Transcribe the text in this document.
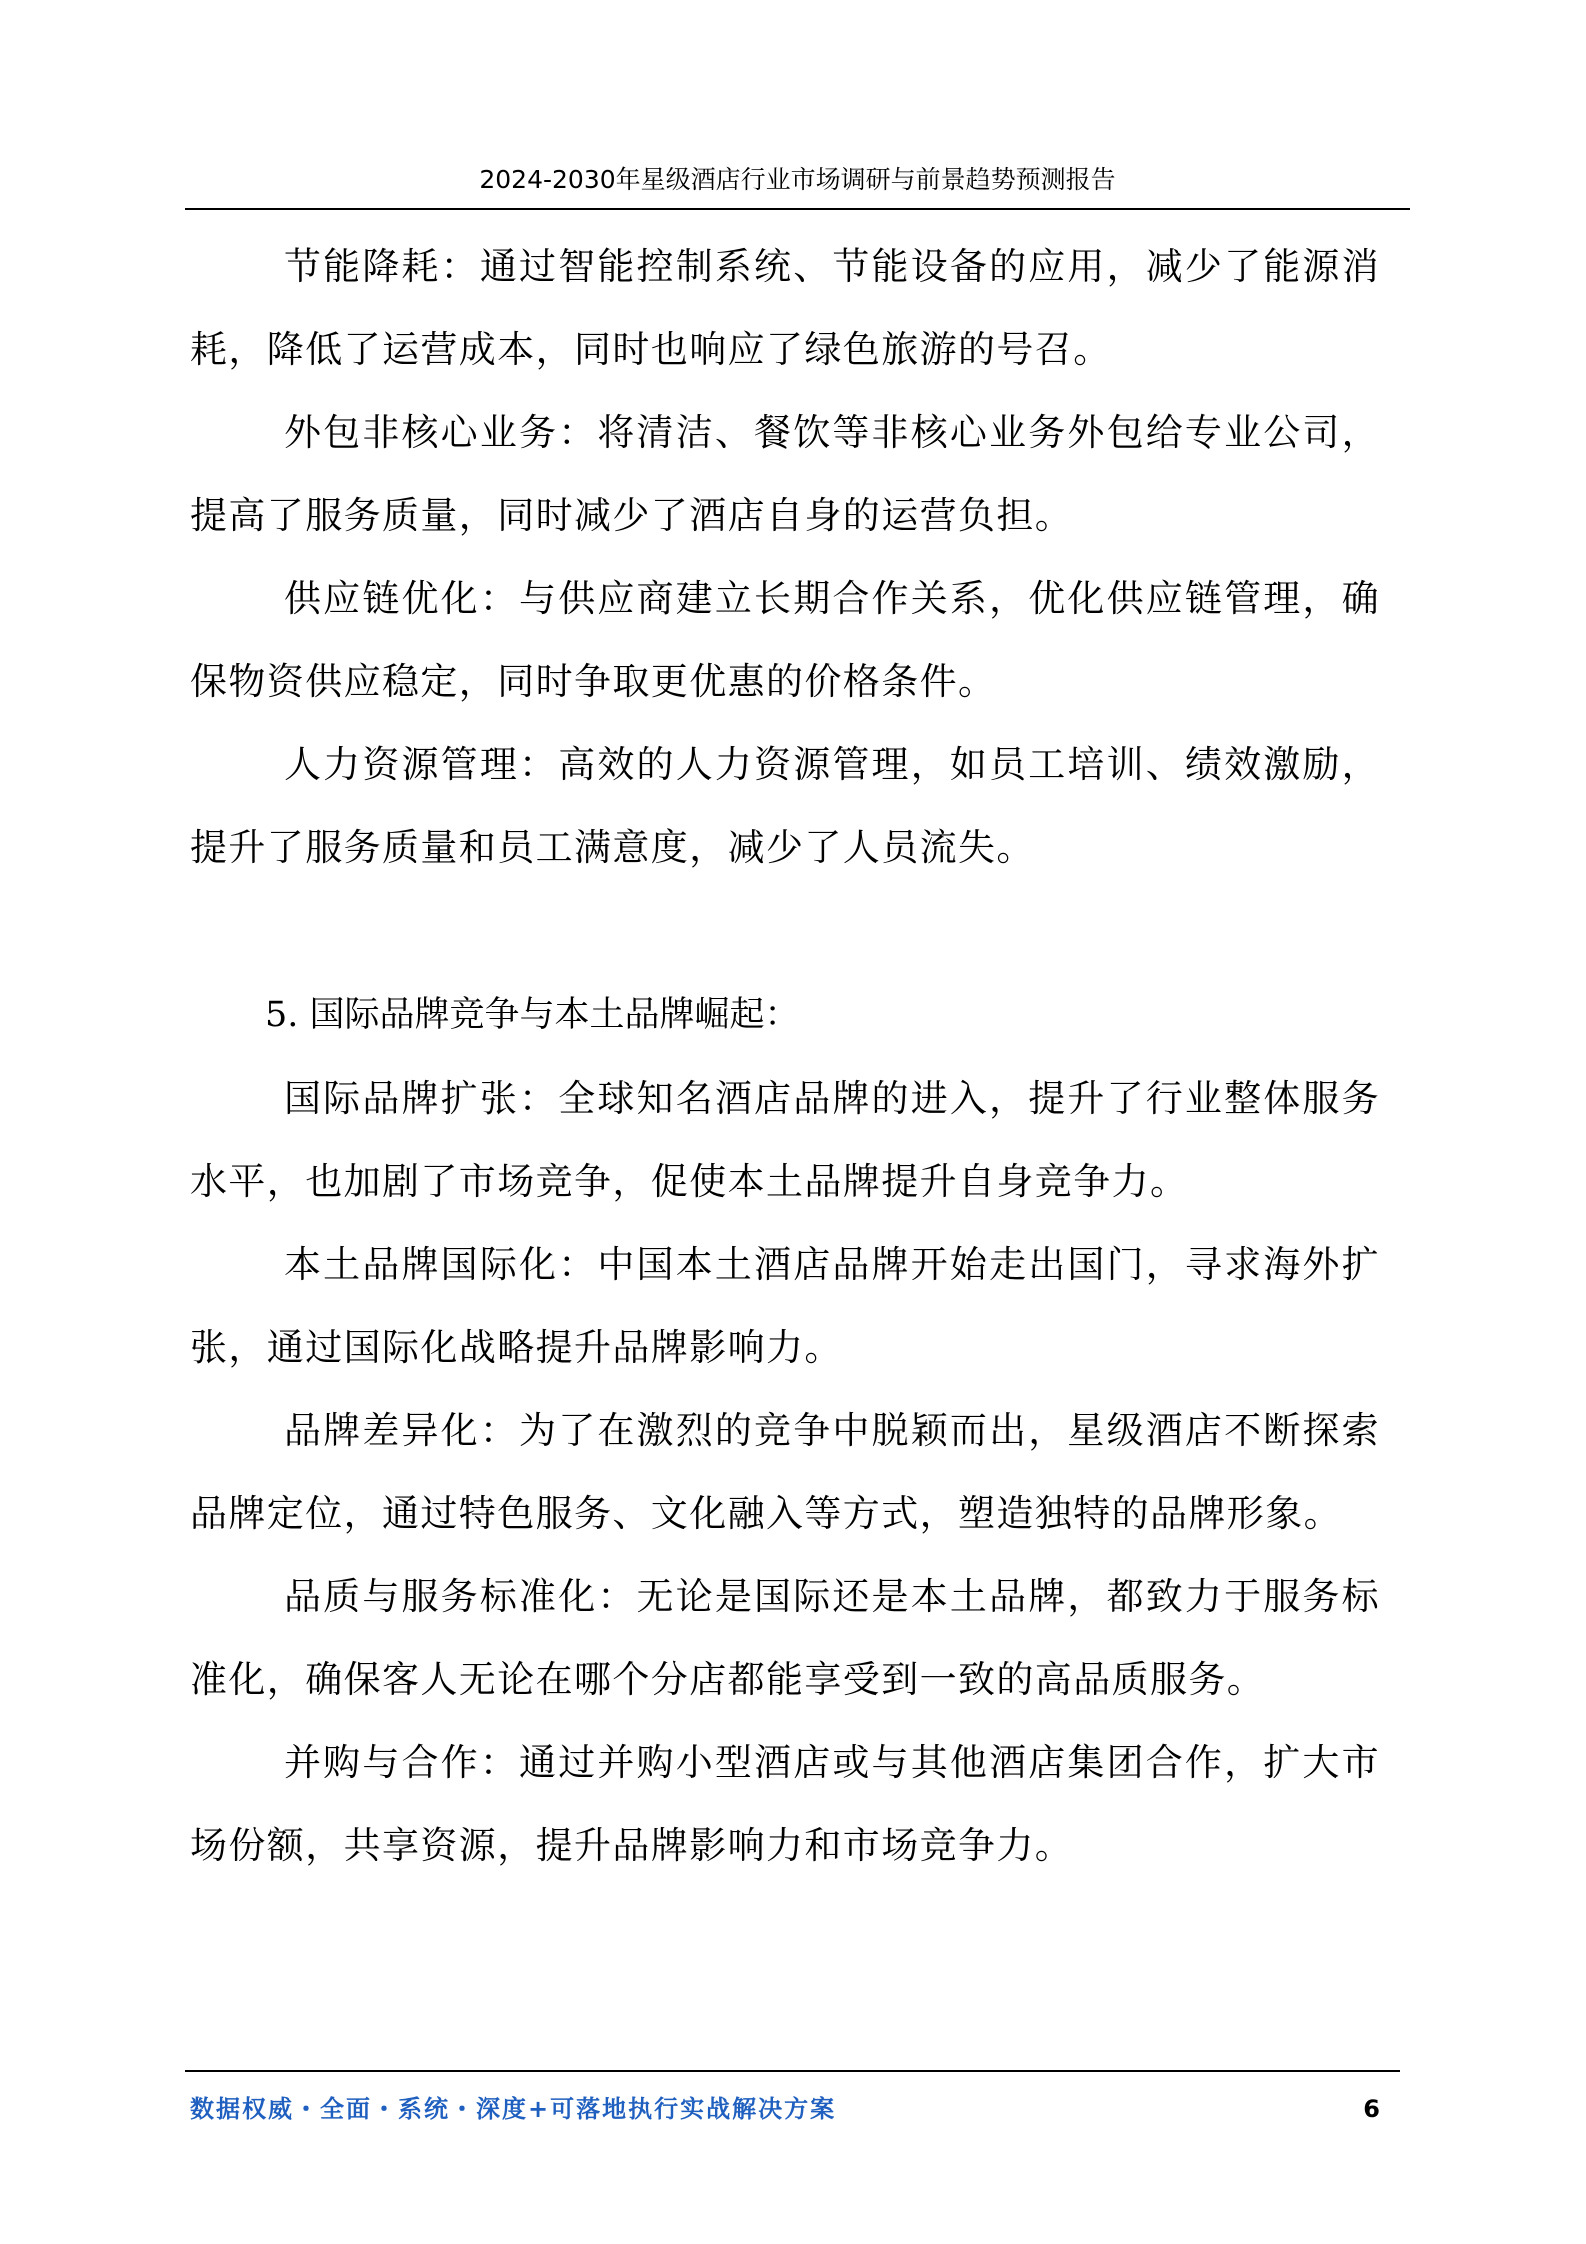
2024-2030年星级酒店行业市场调研与前景趋势预测报告

节能降耗：通过智能控制系统、节能设备的应用，减少了能源消耗，降低了运营成本，同时也响应了绿色旅游的号召。

外包非核心业务：将清洁、餐饮等非核心业务外包给专业公司，提高了服务质量，同时减少了酒店自身的运营负担。

供应链优化：与供应商建立长期合作关系，优化供应链管理，确保物资供应稳定，同时争取更优惠的价格条件。

人力资源管理：高效的人力资源管理，如员工培训、绩效激励，提升了服务质量和员工满意度，减少了人员流失。

5. 国际品牌竞争与本土品牌崛起：

国际品牌扩张：全球知名酒店品牌的进入，提升了行业整体服务水平，也加剧了市场竞争，促使本土品牌提升自身竞争力。

本土品牌国际化：中国本土酒店品牌开始走出国门，寻求海外扩张，通过国际化战略提升品牌影响力。

品牌差异化：为了在激烈的竞争中脱颖而出，星级酒店不断探索品牌定位，通过特色服务、文化融入等方式，塑造独特的品牌形象。

品质与服务标准化：无论是国际还是本土品牌，都致力于服务标准化，确保客人无论在哪个分店都能享受到一致的高品质服务。

并购与合作：通过并购小型酒店或与其他酒店集团合作，扩大市场份额，共享资源，提升品牌影响力和市场竞争力。

数据权威・全面・系统・深度+可落地执行实战解决方案	6
